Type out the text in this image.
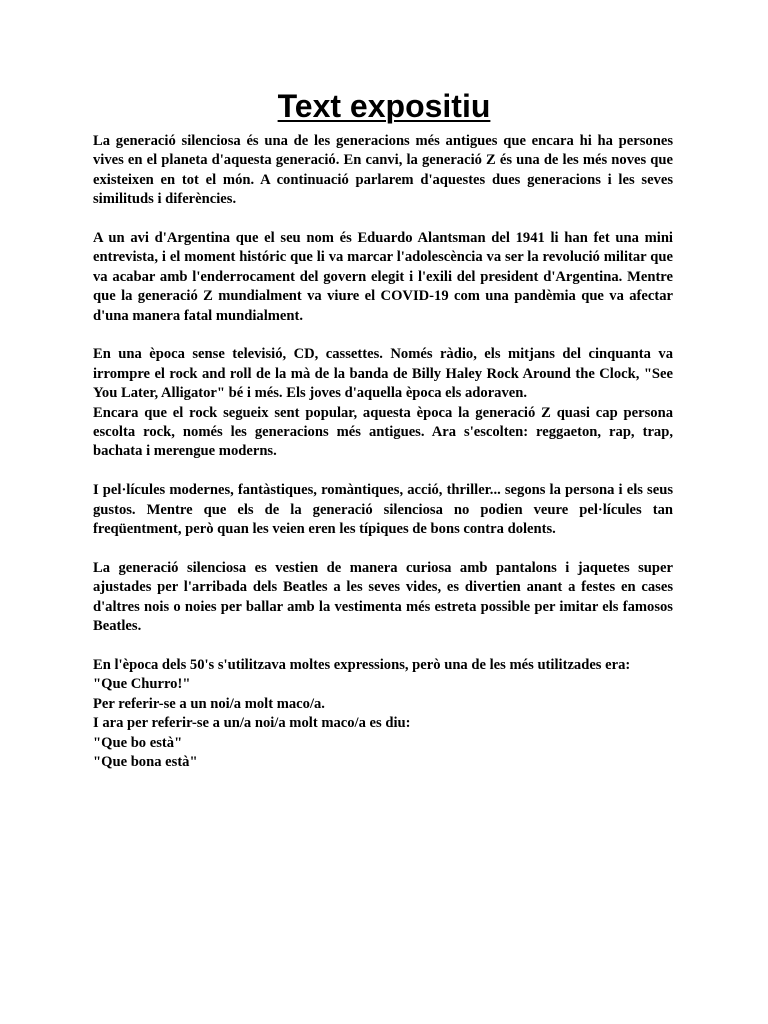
Text expositiu

La generació silenciosa és una de les generacions més antigues que encara hi ha persones vives en el planeta d'aquesta generació. En canvi, la generació Z és una de les més noves que existeixen en tot el món. A continuació parlarem d'aquestes dues generacions i les seves similituds i diferències.

A un avi d'Argentina que el seu nom és Eduardo Alantsman del 1941 li han fet una mini entrevista, i el moment históric que li va marcar l'adolescència va ser la revolució militar que va acabar amb l'enderrocament del govern elegit i l'exili del president d'Argentina. Mentre que la generació Z mundialment va viure el COVID-19 com una pandèmia que va afectar d'una manera fatal mundialment.

En una època sense televisió, CD, cassettes. Només ràdio, els mitjans del cinquanta va irrompre el rock and roll de la mà de la banda de Billy Haley Rock Around the Clock, "See You Later, Alligator" bé i més. Els joves d'aquella època els adoraven.

Encara que el rock segueix sent popular, aquesta època la generació Z quasi cap persona escolta rock, només les generacions més antigues. Ara s'escolten: reggaeton, rap, trap, bachata i merengue moderns.

I pel·lícules modernes, fantàstiques, romàntiques, acció, thriller... segons la persona i els seus gustos. Mentre que els de la generació silenciosa no podien veure pel·lícules tan freqüentment, però quan les veien eren les típiques de bons contra dolents.

La generació silenciosa es vestien de manera curiosa amb pantalons i jaquetes super ajustades per l'arribada dels Beatles a les seves vides, es divertien anant a festes en cases d'altres nois o noies per ballar amb la vestimenta més estreta possible per imitar els famosos Beatles.

En l'època dels 50's s'utilitzava moltes expressions, però una de les més utilitzades era:
"Que Churro!"
Per referir-se a un noi/a molt maco/a.
I ara per referir-se a un/a noi/a molt maco/a es diu:
"Que bo està"
"Que bona està"
